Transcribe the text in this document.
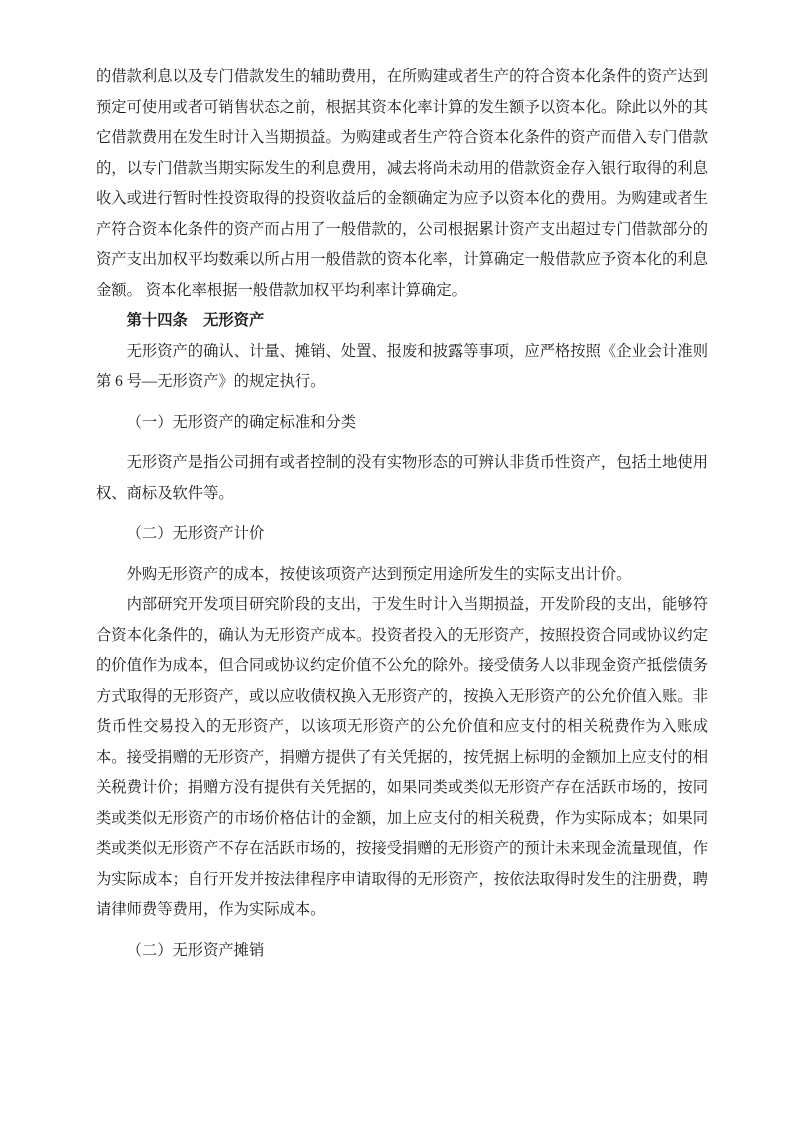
的借款利息以及专门借款发生的辅助费用，在所购建或者生产的符合资本化条件的资产达到预定可使用或者可销售状态之前，根据其资本化率计算的发生额予以资本化。除此以外的其它借款费用在发生时计入当期损益。为购建或者生产符合资本化条件的资产而借入专门借款的，以专门借款当期实际发生的利息费用，减去将尚未动用的借款资金存入银行取得的利息收入或进行暂时性投资取得的投资收益后的金额确定为应予以资本化的费用。为购建或者生产符合资本化条件的资产而占用了一般借款的，公司根据累计资产支出超过专门借款部分的资产支出加权平均数乘以所占用一般借款的资本化率，计算确定一般借款应予资本化的利息金额。 资本化率根据一般借款加权平均利率计算确定。

第十四条　无形资产

无形资产的确认、计量、摊销、处置、报废和披露等事项，应严格按照《企业会计准则第 6 号—无形资产》的规定执行。

（一）无形资产的确定标准和分类

无形资产是指公司拥有或者控制的没有实物形态的可辨认非货币性资产，包括土地使用权、商标及软件等。

（二）无形资产计价

外购无形资产的成本，按使该项资产达到预定用途所发生的实际支出计价。

内部研究开发项目研究阶段的支出，于发生时计入当期损益，开发阶段的支出，能够符合资本化条件的，确认为无形资产成本。投资者投入的无形资产，按照投资合同或协议约定的价值作为成本，但合同或协议约定价值不公允的除外。接受债务人以非现金资产抵偿债务方式取得的无形资产，或以应收债权换入无形资产的，按换入无形资产的公允价值入账。非货币性交易投入的无形资产，以该项无形资产的公允价值和应支付的相关税费作为入账成本。接受捐赠的无形资产，捐赠方提供了有关凭据的，按凭据上标明的金额加上应支付的相关税费计价；捐赠方没有提供有关凭据的，如果同类或类似无形资产存在活跃市场的，按同类或类似无形资产的市场价格估计的金额，加上应支付的相关税费，作为实际成本；如果同类或类似无形资产不存在活跃市场的，按接受捐赠的无形资产的预计未来现金流量现值，作为实际成本；自行开发并按法律程序申请取得的无形资产，按依法取得时发生的注册费，聘请律师费等费用，作为实际成本。

（二）无形资产摊销
